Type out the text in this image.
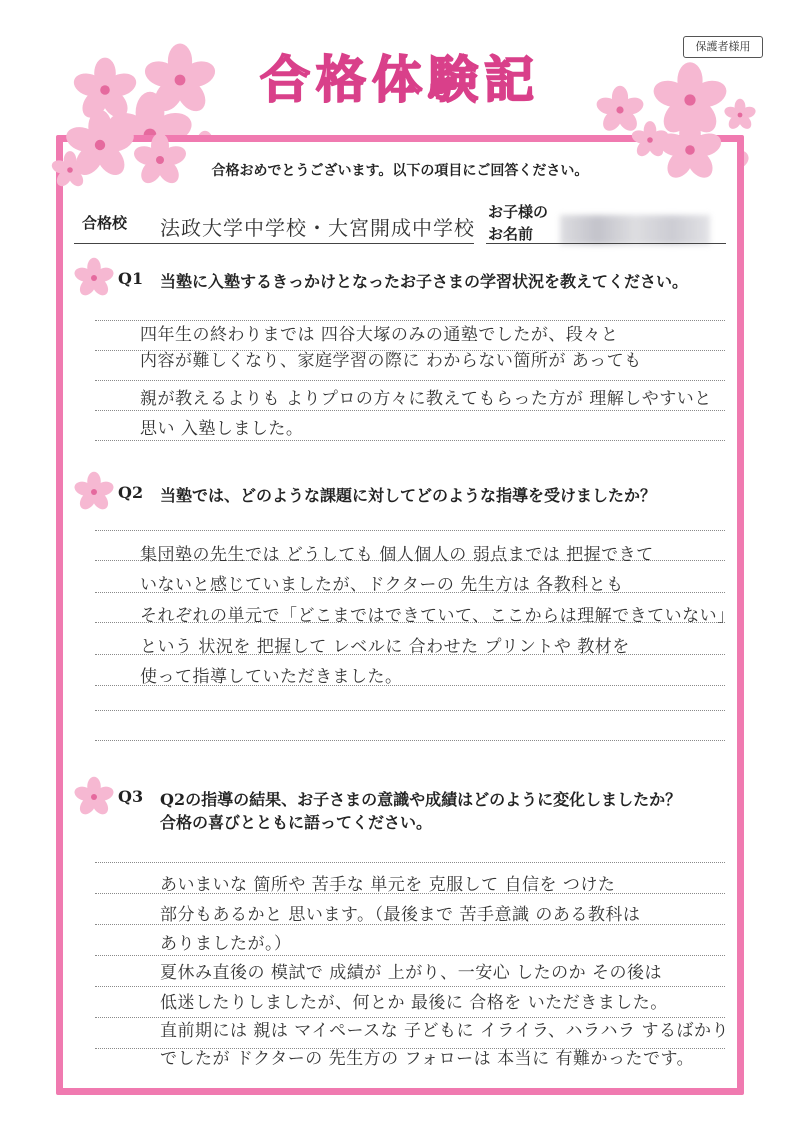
保護者様用
合格体験記
合格おめでとうございます。以下の項目にご回答ください。
合格校 法政大学中学校・大宮開成中学校
お子様の
お名前
Q1 当塾に入塾するきっかけとなったお子さまの学習状況を教えてください。
四年生の終わりまでは 四谷大塚のみの通塾でしたが、段々と
内容が難しくなり、家庭学習の際に わからない箇所が あっても
親が教えるよりも よりプロの方々に教えてもらった方が 理解しやすいと
思い 入塾しました。
Q2 当塾では、どのような課題に対してどのような指導を受けましたか？
集団塾の先生では どうしても 個人個人の 弱点までは 把握できて
いないと感じていましたが、ドクターの 先生方は 各教科とも
それぞれの単元で「どこまではできていて、ここからは理解できていない」
という 状況を 把握して レベルに 合わせた プリントや 教材を
使って指導していただきました。
Q3 Q2の指導の結果、お子さまの意識や成績はどのように変化しましたか？
合格の喜びとともに語ってください。
あいまいな 箇所や 苦手な 単元を 克服して 自信を つけた
部分もあるかと 思います。（最後まで 苦手意識 のある教科は
ありましたが。）
夏休み直後の 模試で 成績が 上がり、一安心 したのか その後は
低迷したりしましたが、何とか 最後に 合格を いただきました。
直前期には 親は マイペースな 子どもに イライラ、ハラハラ するばかり
でしたが ドクターの 先生方の フォローは 本当に 有難かったです。
